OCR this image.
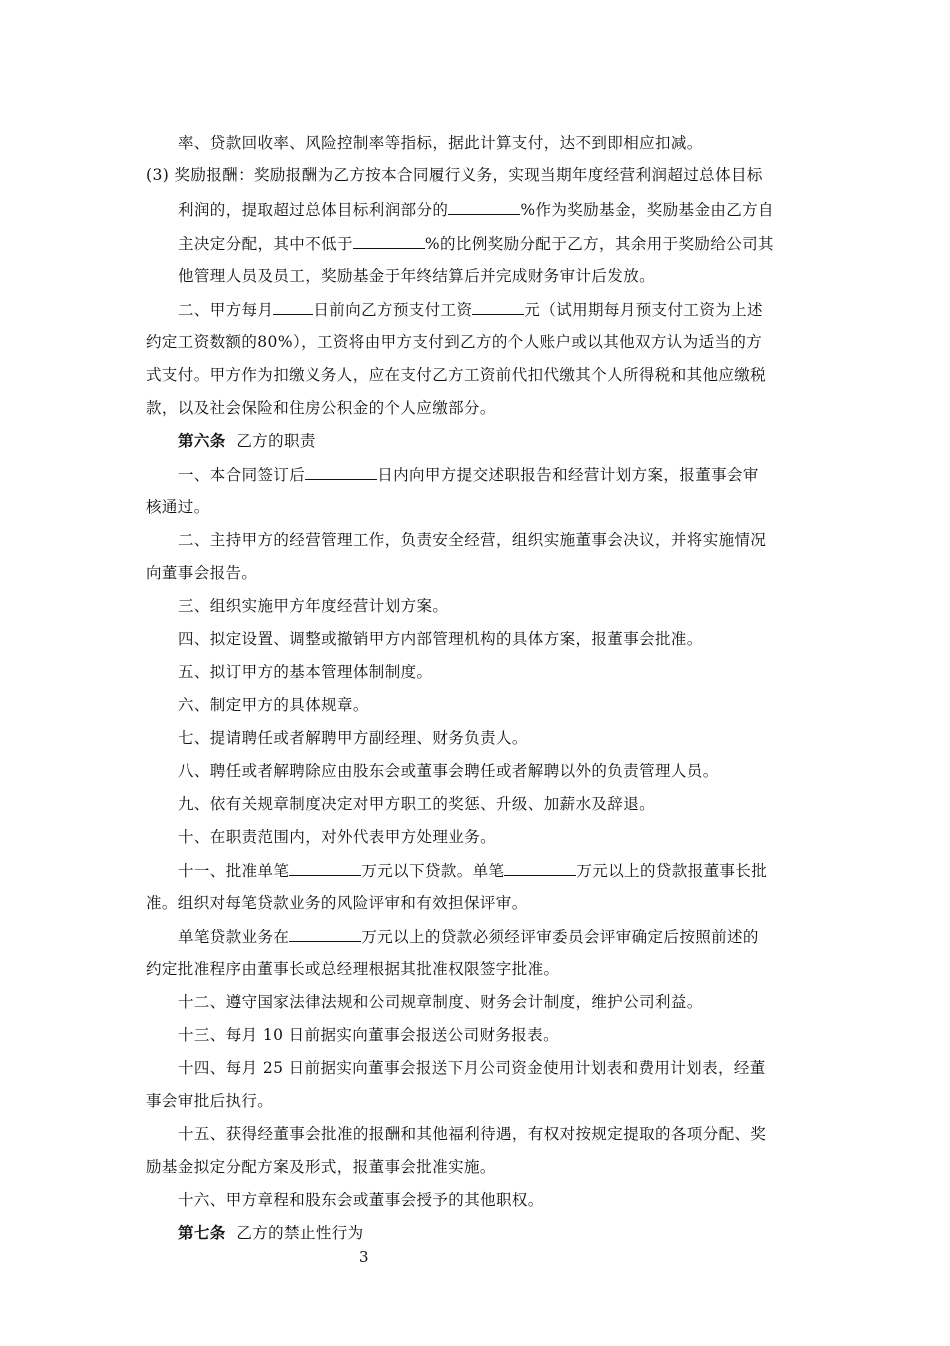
率、贷款回收率、风险控制率等指标，据此计算支付，达不到即相应扣减。
(3) 奖励报酬：奖励报酬为乙方按本合同履行义务，实现当期年度经营利润超过总体目标
利润的，提取超过总体目标利润部分的	%作为奖励基金，奖励基金由乙方自
主决定分配，其中不低于	%的比例奖励分配于乙方，其余用于奖励给公司其
他管理人员及员工，奖励基金于年终结算后并完成财务审计后发放。
二、甲方每月	日前向乙方预支付工资	元（试用期每月预支付工资为上述
约定工资数额的80%），工资将由甲方支付到乙方的个人账户或以其他双方认为适当的方
式支付。甲方作为扣缴义务人，应在支付乙方工资前代扣代缴其个人所得税和其他应缴税
款，以及社会保险和住房公积金的个人应缴部分。
第六条 乙方的职责
一、本合同签订后	日内向甲方提交述职报告和经营计划方案，报董事会审
核通过。
二、主持甲方的经营管理工作，负责安全经营，组织实施董事会决议，并将实施情况
向董事会报告。
三、组织实施甲方年度经营计划方案。
四、拟定设置、调整或撤销甲方内部管理机构的具体方案，报董事会批准。
五、拟订甲方的基本管理体制制度。
六、制定甲方的具体规章。
七、提请聘任或者解聘甲方副经理、财务负责人。
八、聘任或者解聘除应由股东会或董事会聘任或者解聘以外的负责管理人员。
九、依有关规章制度决定对甲方职工的奖惩、升级、加薪水及辞退。
十、在职责范围内，对外代表甲方处理业务。
十一、批准单笔	万元以下贷款。单笔	万元以上的贷款报董事长批
准。组织对每笔贷款业务的风险评审和有效担保评审。
单笔贷款业务在	万元以上的贷款必须经评审委员会评审确定后按照前述的
约定批准程序由董事长或总经理根据其批准权限签字批准。
十二、遵守国家法律法规和公司规章制度、财务会计制度，维护公司利益。
十三、每月 10 日前据实向董事会报送公司财务报表。
十四、每月 25 日前据实向董事会报送下月公司资金使用计划表和费用计划表，经董
事会审批后执行。
十五、获得经董事会批准的报酬和其他福利待遇，有权对按规定提取的各项分配、奖
励基金拟定分配方案及形式，报董事会批准实施。
十六、甲方章程和股东会或董事会授予的其他职权。
第七条 乙方的禁止性行为
3
